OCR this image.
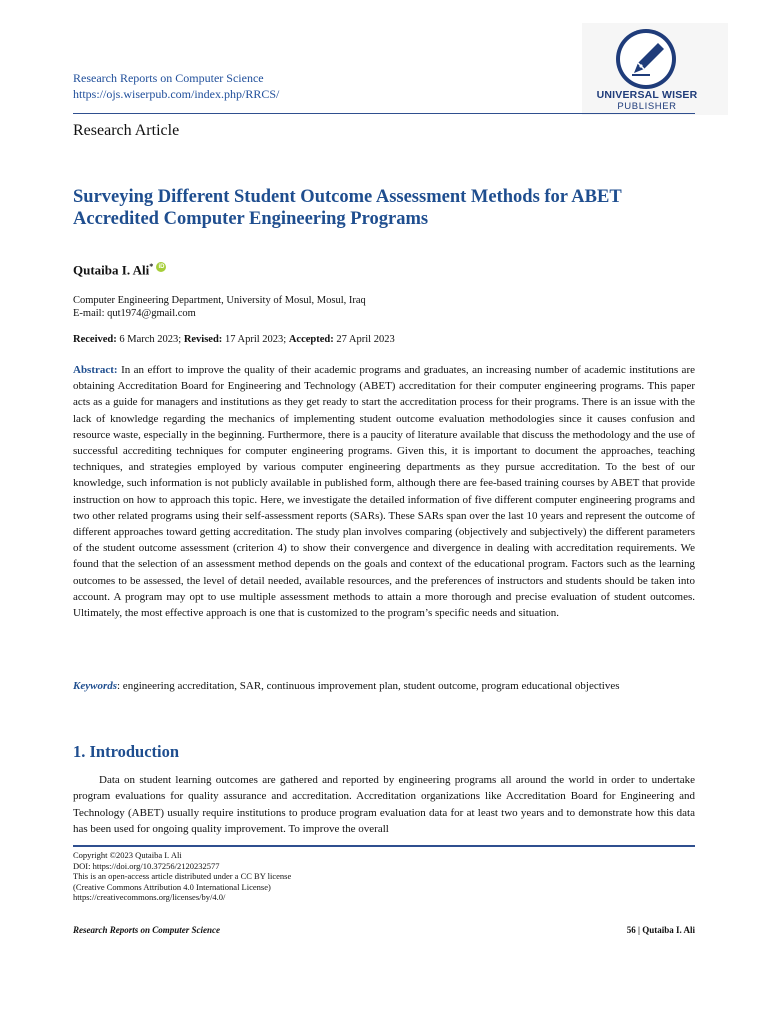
Research Reports on Computer Science
https://ojs.wiserpub.com/index.php/RRCS/	UNIVERSAL WISER
PUBLISHER
Research Article
Surveying Different Student Outcome Assessment Methods for ABET Accredited Computer Engineering Programs
Qutaiba I. Ali* iD
Computer Engineering Department, University of Mosul, Mosul, Iraq
E-mail: qut1974@gmail.com
Received: 6 March 2023; Revised: 17 April 2023; Accepted: 27 April 2023
Abstract: In an effort to improve the quality of their academic programs and graduates, an increasing number of academic institutions are obtaining Accreditation Board for Engineering and Technology (ABET) accreditation for their computer engineering programs. This paper acts as a guide for managers and institutions as they get ready to start the accreditation process for their programs. There is an issue with the lack of knowledge regarding the mechanics of implementing student outcome evaluation methodologies since it causes confusion and resource waste, especially in the beginning. Furthermore, there is a paucity of literature available that discuss the methodology and the use of successful accrediting techniques for computer engineering programs. Given this, it is important to document the approaches, teaching techniques, and strategies employed by various computer engineering departments as they pursue accreditation. To the best of our knowledge, such information is not publicly available in published form, although there are fee-based training courses by ABET that provide instruction on how to approach this topic. Here, we investigate the detailed information of five different computer engineering programs and two other related programs using their self-assessment reports (SARs). These SARs span over the last 10 years and represent the outcome of different approaches toward getting accreditation. The study plan involves comparing (objectively and subjectively) the different parameters of the student outcome assessment (criterion 4) to show their convergence and divergence in dealing with accreditation requirements. We found that the selection of an assessment method depends on the goals and context of the educational program. Factors such as the learning outcomes to be assessed, the level of detail needed, available resources, and the preferences of instructors and students should be taken into account. A program may opt to use multiple assessment methods to attain a more thorough and precise evaluation of student outcomes. Ultimately, the most effective approach is one that is customized to the program’s specific needs and situation.
Keywords: engineering accreditation, SAR, continuous improvement plan, student outcome, program educational objectives
1. Introduction

Data on student learning outcomes are gathered and reported by engineering programs all around the world in order to undertake program evaluations for quality assurance and accreditation. Accreditation organizations like Accreditation Board for Engineering and Technology (ABET) usually require institutions to produce program evaluation data for at least two years and to demonstrate how this data has been used for ongoing quality improvement. To improve the overall

Copyright ©2023 Qutaiba I. Ali
DOI: https://doi.org/10.37256/2120232577
This is an open-access article distributed under a CC BY license
(Creative Commons Attribution 4.0 International License)
https://creativecommons.org/licenses/by/4.0/
Research Reports on Computer Science	56 | Qutaiba I. Ali
